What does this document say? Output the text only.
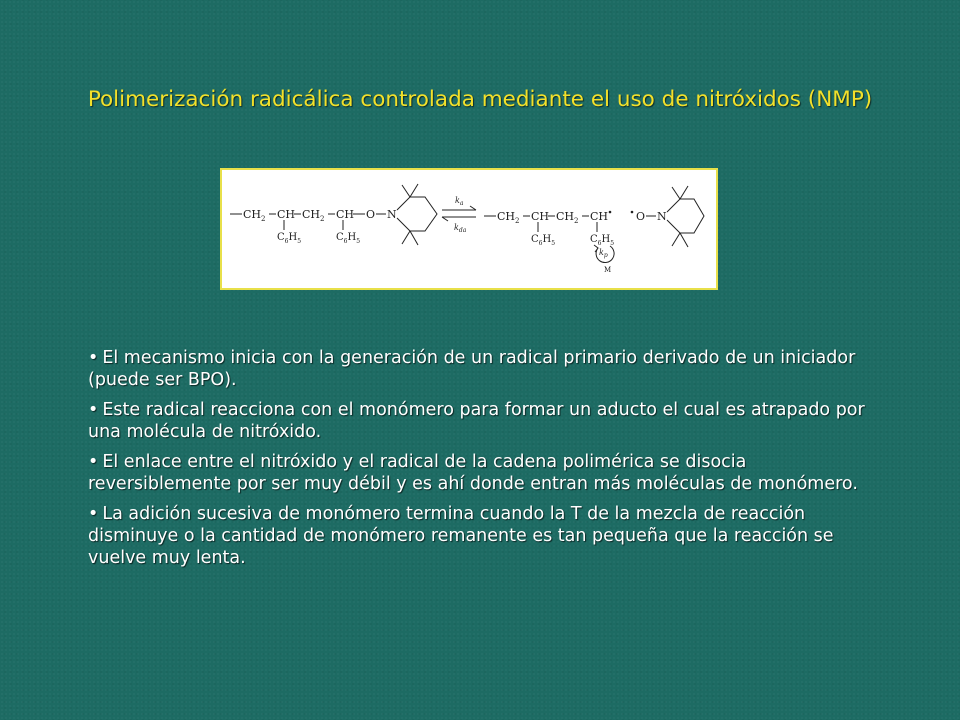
Polimerización radicálica controlada mediante el uso de nitróxidos (NMP)
$CH_2$ CH $CH_2$ CH O N
$C_6H_5$	$C_6H_5$
$k_a$
$k_{da}$
$CH_2$ CH $CH_2$ CH
$C_6H_5$	$C_6H_5$
$k_p$
M
O N
• El mecanismo inicia con la generación de un radical primario derivado de un iniciador (puede ser BPO).
• Este radical reacciona con el monómero para formar un aducto el cual es atrapado por una molécula de nitróxido.
• El enlace entre el nitróxido y el radical de la cadena polimérica se disocia reversiblemente por ser muy débil y es ahí donde entran más moléculas de monómero.
• La adición sucesiva de monómero termina cuando la T de la mezcla de reacción disminuye o la cantidad de monómero remanente es tan pequeña que la reacción se vuelve muy lenta.
